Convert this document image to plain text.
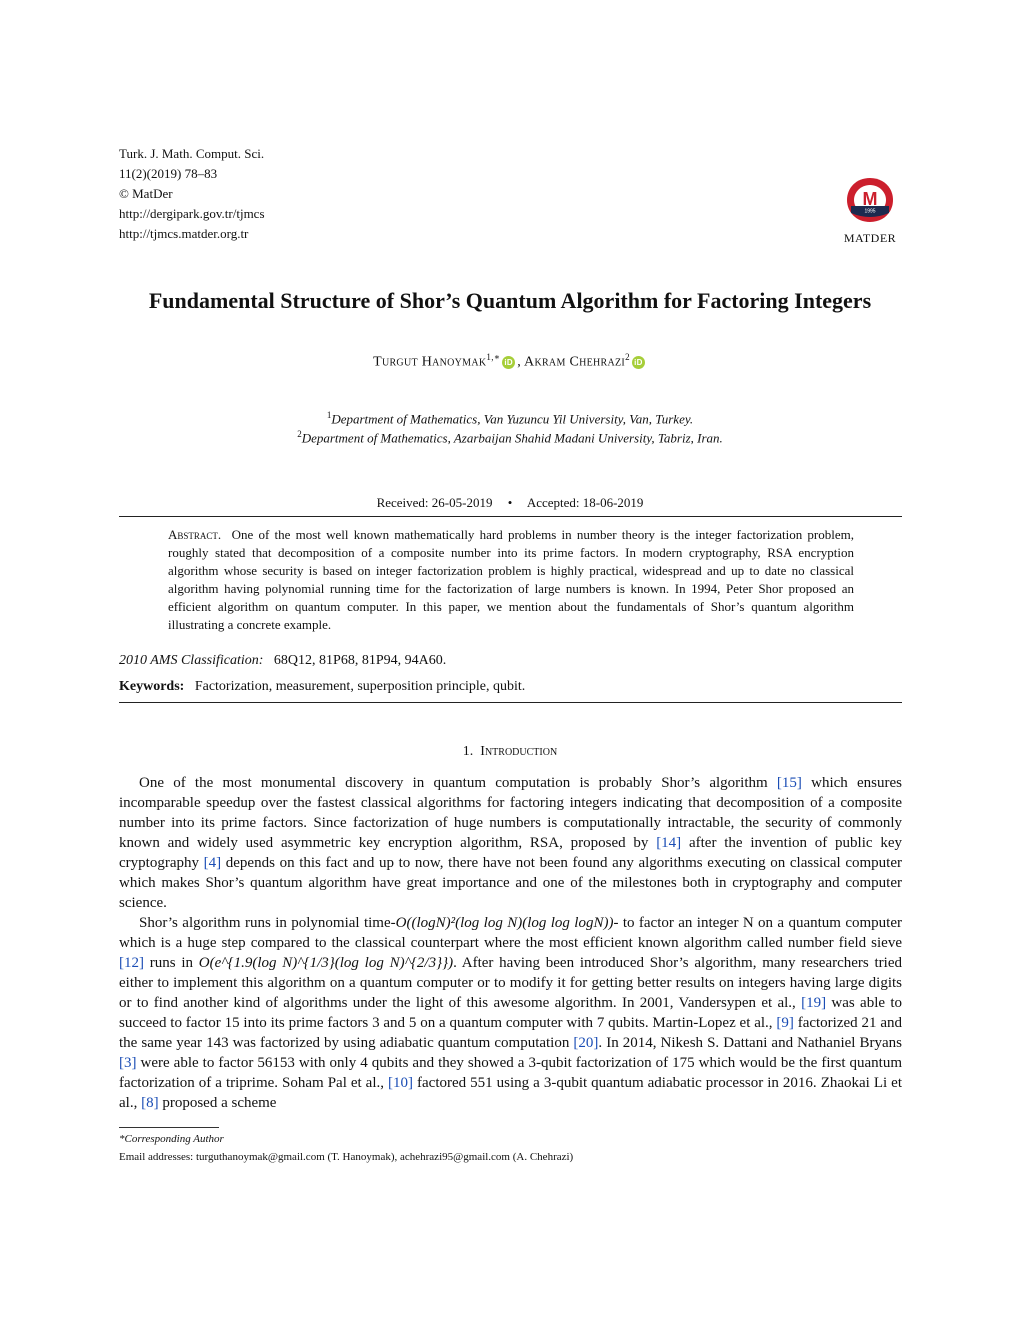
Turk. J. Math. Comput. Sci.
11(2)(2019) 78–83
© MatDer
http://dergipark.gov.tr/tjmcs
http://tjmcs.matder.org.tr
M
1995
MATDER
Fundamental Structure of Shor’s Quantum Algorithm for Factoring Integers
Turgut Hanoymak$^{1,∗}$iD , Akram Chehrazi$^2$iD
$^1$Department of Mathematics, Van Yuzuncu Yil University, Van, Turkey.
$^2$Department of Mathematics, Azarbaijan Shahid Madani University, Tabriz, Iran.
Received: 26-05-2019 • Accepted: 18-06-2019
Abstract. One of the most well known mathematically hard problems in number theory is the integer factorization problem, roughly stated that decomposition of a composite number into its prime factors. In modern cryptography, RSA encryption algorithm whose security is based on integer factorization problem is highly practical, widespread and up to date no classical algorithm having polynomial running time for the factorization of large numbers is known. In 1994, Peter Shor proposed an efficient algorithm on quantum computer. In this paper, we mention about the fundamentals of Shor’s quantum algorithm illustrating a concrete example.
2010 AMS Classification: 68Q12, 81P68, 81P94, 94A60.
Keywords: Factorization, measurement, superposition principle, qubit.
1. Introduction

One of the most monumental discovery in quantum computation is probably Shor’s algorithm [15] which ensures incomparable speedup over the fastest classical algorithms for factoring integers indicating that decomposition of a composite number into its prime factors. Since factorization of huge numbers is computationally intractable, the security of commonly known and widely used asymmetric key encryption algorithm, RSA, proposed by [14] after the invention of public key cryptography [4] depends on this fact and up to now, there have not been found any algorithms executing on classical computer which makes Shor’s quantum algorithm have great importance and one of the milestones both in cryptography and computer science.

Shor’s algorithm runs in polynomial time-O((logN)²(log log N)(log log logN))- to factor an integer N on a quantum computer which is a huge step compared to the classical counterpart where the most efficient known algorithm called number field sieve [12] runs in O(e^{1.9(log N)^{1/3}(log log N)^{2/3}}). After having been introduced Shor’s algorithm, many researchers tried either to implement this algorithm on a quantum computer or to modify it for getting better results on integers having large digits or to find another kind of algorithms under the light of this awesome algorithm. In 2001, Vandersypen et al., [19] was able to succeed to factor 15 into its prime factors 3 and 5 on a quantum computer with 7 qubits. Martin-Lopez et al., [9] factorized 21 and the same year 143 was factorized by using adiabatic quantum computation [20]. In 2014, Nikesh S. Dattani and Nathaniel Bryans [3] were able to factor 56153 with only 4 qubits and they showed a 3-qubit factorization of 175 which would be the first quantum factorization of a triprime. Soham Pal et al., [10] factored 551 using a 3-qubit quantum adiabatic processor in 2016. Zhaokai Li et al., [8] proposed a scheme

*Corresponding Author
Email addresses: turguthanoymak@gmail.com (T. Hanoymak), achehrazi95@gmail.com (A. Chehrazi)
